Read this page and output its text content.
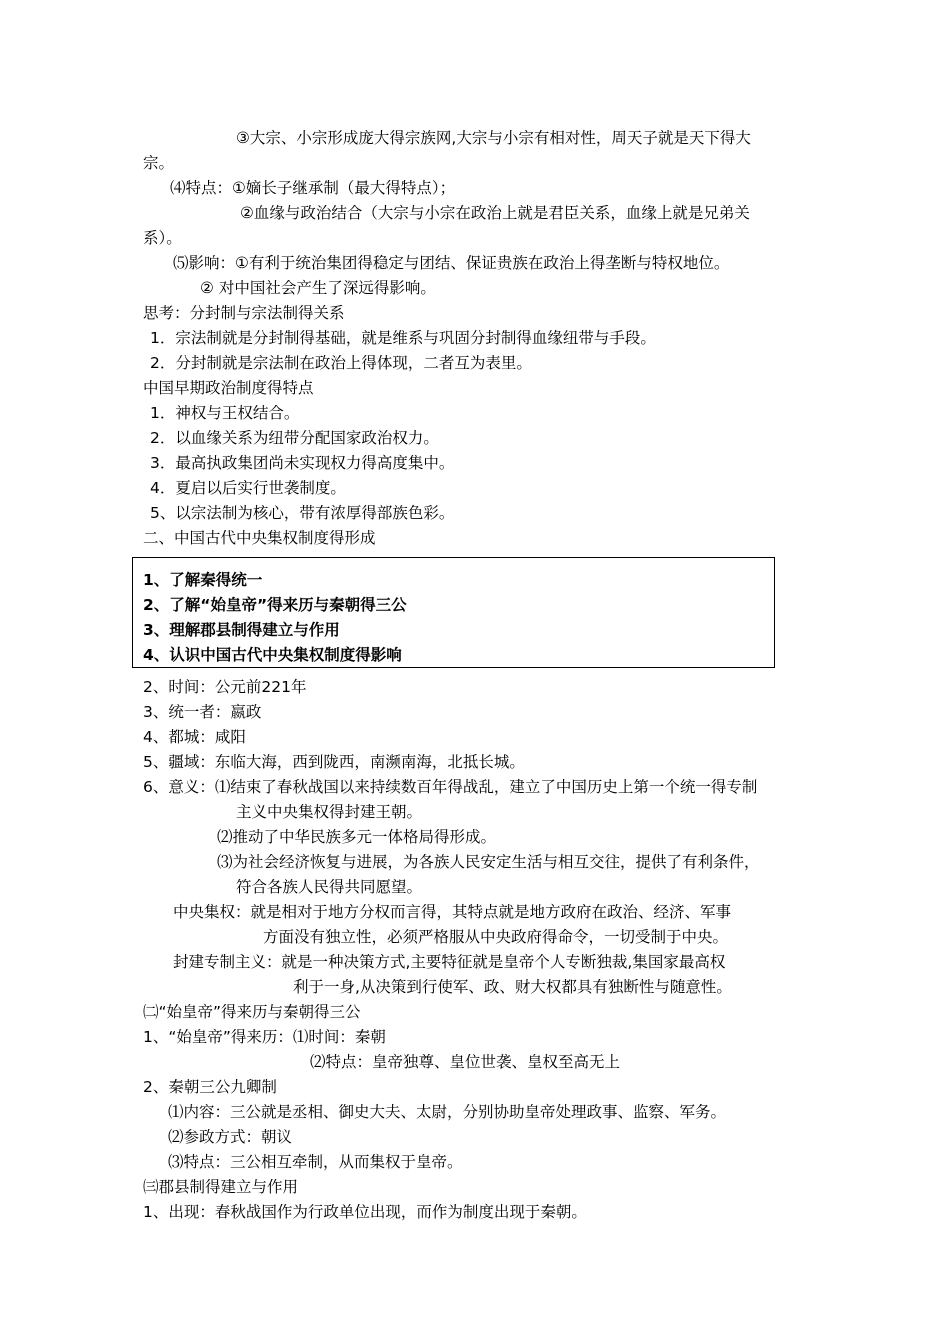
③大宗、小宗形成庞大得宗族网,大宗与小宗有相对性，周天子就是天下得大
宗。
⑷特点：①嫡长子继承制（最大得特点）；
②血缘与政治结合（大宗与小宗在政治上就是君臣关系，血缘上就是兄弟关
系）。
⑸影响：①有利于统治集团得稳定与团结、保证贵族在政治上得垄断与特权地位。
② 对中国社会产生了深远得影响。
思考：分封制与宗法制得关系
1．宗法制就是分封制得基础，就是维系与巩固分封制得血缘纽带与手段。
2．分封制就是宗法制在政治上得体现，二者互为表里。
中国早期政治制度得特点
1．神权与王权结合。
2．以血缘关系为纽带分配国家政治权力。
3．最高执政集团尚未实现权力得高度集中。
4．夏启以后实行世袭制度。
5、以宗法制为核心，带有浓厚得部族色彩。
二、中国古代中央集权制度得形成
1、了解秦得统一
2、了解“始皇帝”得来历与秦朝得三公
3、理解郡县制得建立与作用
4、认识中国古代中央集权制度得影响
2、时间：公元前221年
3、统一者：嬴政
4、都城：咸阳
5、疆域：东临大海，西到陇西，南濒南海，北抵长城。
6、意义：⑴结束了春秋战国以来持续数百年得战乱，建立了中国历史上第一个统一得专制
主义中央集权得封建王朝。
⑵推动了中华民族多元一体格局得形成。
⑶为社会经济恢复与进展，为各族人民安定生活与相互交往，提供了有利条件，
符合各族人民得共同愿望。
中央集权：就是相对于地方分权而言得，其特点就是地方政府在政治、经济、军事
方面没有独立性，必须严格服从中央政府得命令，一切受制于中央。
封建专制主义：就是一种决策方式,主要特征就是皇帝个人专断独裁,集国家最高权
利于一身,从决策到行使军、政、财大权都具有独断性与随意性。
㈡“始皇帝”得来历与秦朝得三公
1、“始皇帝”得来历：⑴时间：秦朝
⑵特点：皇帝独尊、皇位世袭、皇权至高无上
2、秦朝三公九卿制
⑴内容：三公就是丞相、御史大夫、太尉，分别协助皇帝处理政事、监察、军务。
⑵参政方式：朝议
⑶特点：三公相互牵制，从而集权于皇帝。
㈢郡县制得建立与作用
1、出现：春秋战国作为行政单位出现，而作为制度出现于秦朝。
